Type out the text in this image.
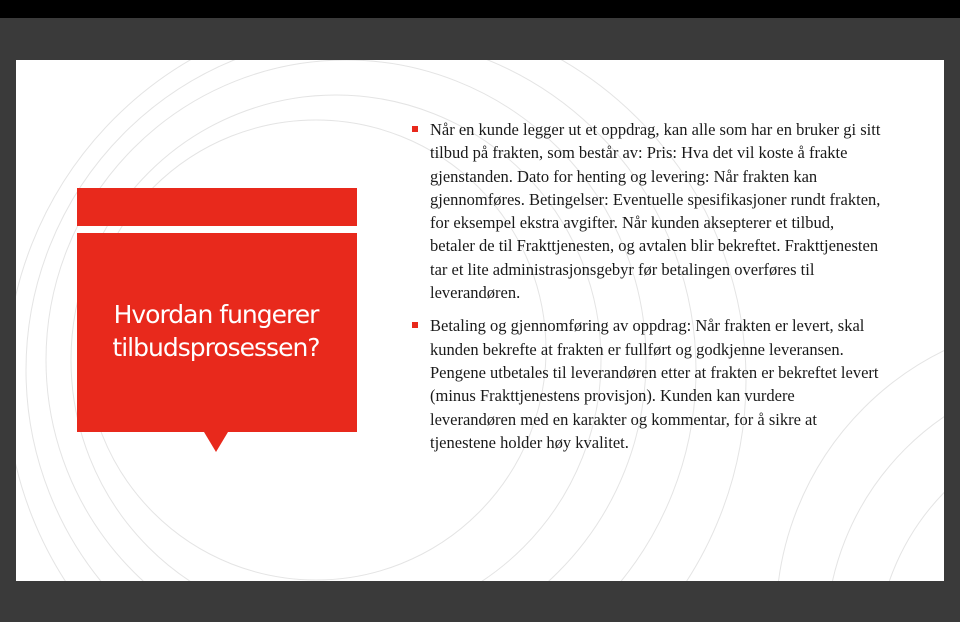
Hvordan fungerer tilbudsprosessen?
Når en kunde legger ut et oppdrag, kan alle som har en bruker gi sitt tilbud på frakten, som består av: Pris: Hva det vil koste å frakte gjenstanden. Dato for henting og levering: Når frakten kan gjennomføres. Betingelser: Eventuelle spesifikasjoner rundt frakten, for eksempel ekstra avgifter. Når kunden aksepterer et tilbud, betaler de til Frakttjenesten, og avtalen blir bekreftet. Frakttjenesten tar et lite administrasjonsgebyr før betalingen overføres til leverandøren.
Betaling og gjennomføring av oppdrag: Når frakten er levert, skal kunden bekrefte at frakten er fullført og godkjenne leveransen. Pengene utbetales til leverandøren etter at frakten er bekreftet levert (minus Frakttjenestens provisjon). Kunden kan vurdere leverandøren med en karakter og kommentar, for å sikre at tjenestene holder høy kvalitet.
